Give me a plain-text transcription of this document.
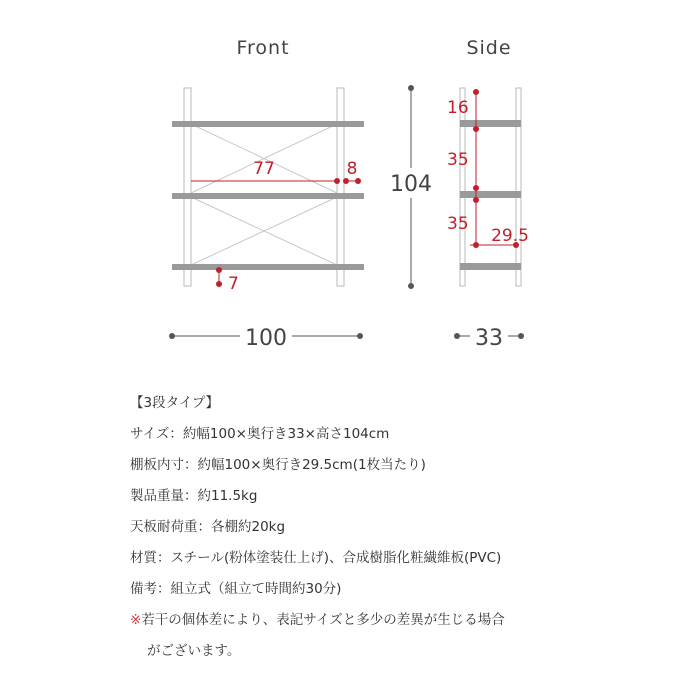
Front	Side
77	8
7
104
100
16
35
35
29.5
33
【3段タイプ】
サイズ：約幅100×奥行き33×高さ104cm
棚板内寸：約幅100×奥行き29.5cm(1枚当たり)
製品重量：約11.5kg
天板耐荷重：各棚約20kg
材質：スチール(粉体塗装仕上げ)、合成樹脂化粧繊維板(PVC)
備考：組立式（組立て時間約30分)
※若干の個体差により、表記サイズと多少の差異が生じる場合
がございます。
